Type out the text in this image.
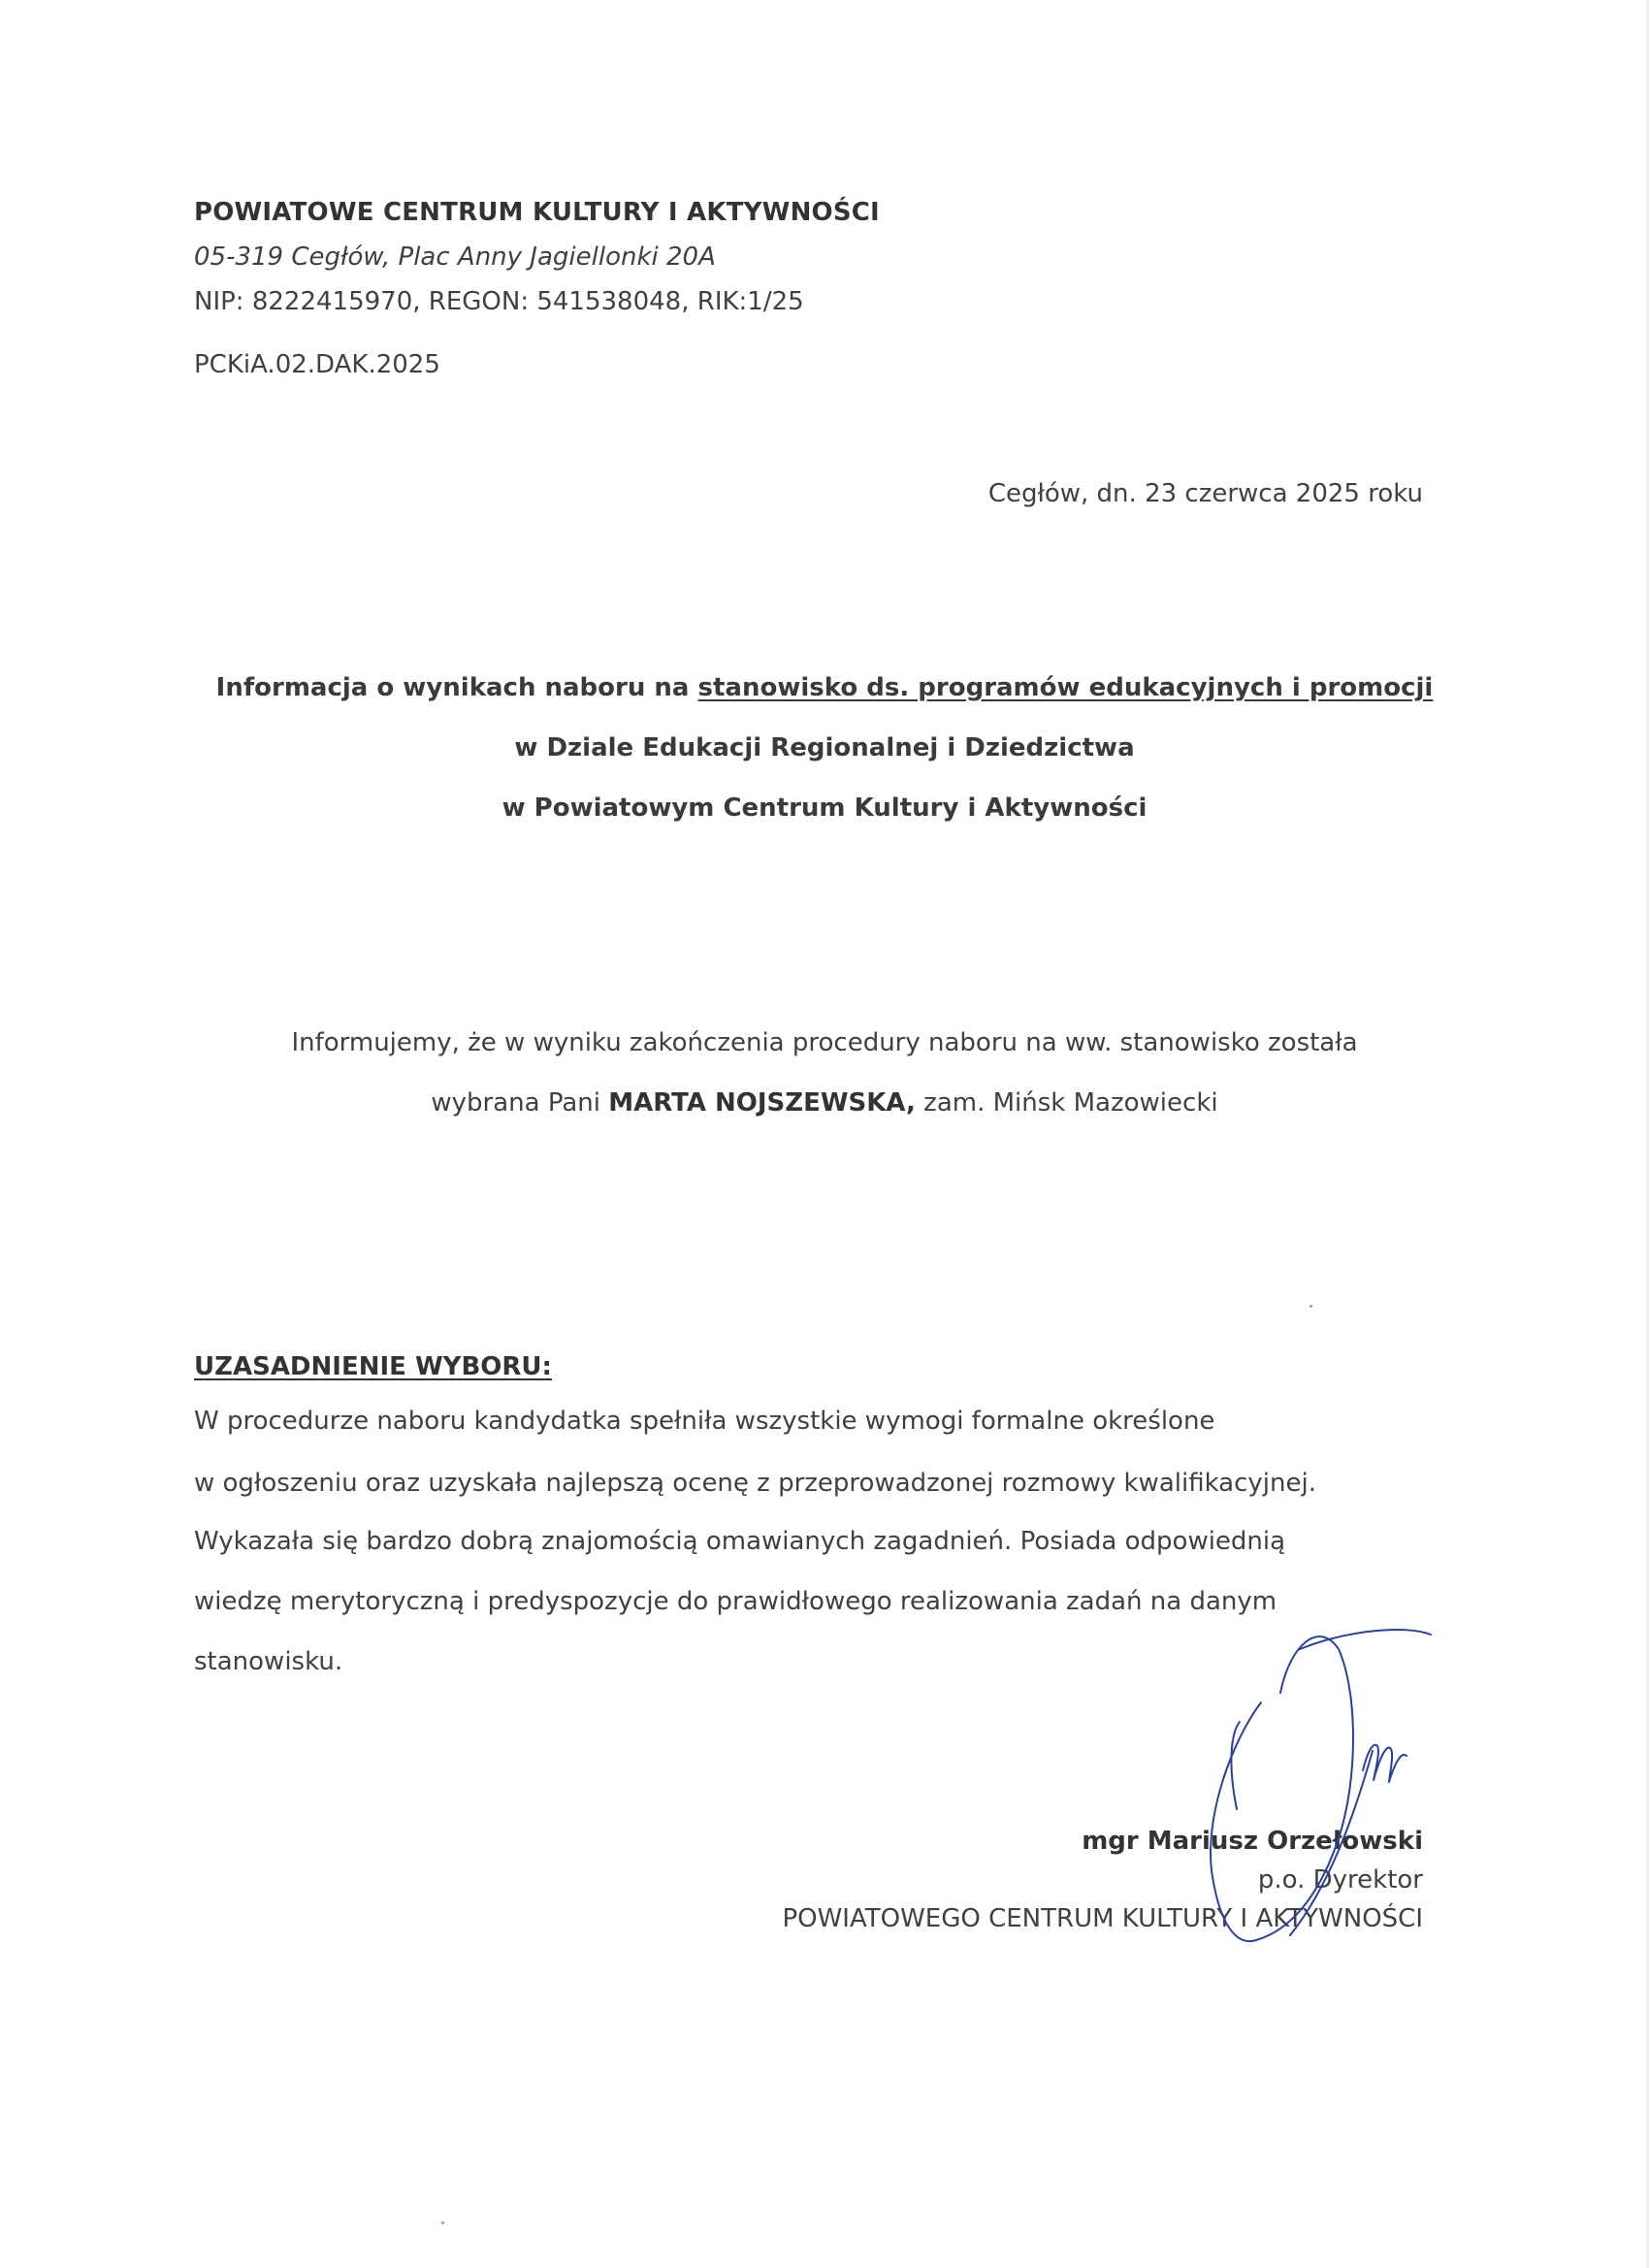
POWIATOWE CENTRUM KULTURY I AKTYWNOŚCI
05-319 Cegłów, Plac Anny Jagiellonki 20A
NIP: 8222415970, REGON: 541538048, RIK:1/25
PCKiA.02.DAK.2025
Cegłów, dn. 23 czerwca 2025 roku
Informacja o wynikach naboru na stanowisko ds. programów edukacyjnych i promocji
w Dziale Edukacji Regionalnej i Dziedzictwa
w Powiatowym Centrum Kultury i Aktywności
Informujemy, że w wyniku zakończenia procedury naboru na ww. stanowisko została
wybrana Pani MARTA NOJSZEWSKA, zam. Mińsk Mazowiecki
UZASADNIENIE WYBORU:
W procedurze naboru kandydatka spełniła wszystkie wymogi formalne określone
w ogłoszeniu oraz uzyskała najlepszą ocenę z przeprowadzonej rozmowy kwalifikacyjnej.
Wykazała się bardzo dobrą znajomością omawianych zagadnień. Posiada odpowiednią
wiedzę merytoryczną i predyspozycje do prawidłowego realizowania zadań na danym
stanowisku.
mgr Mariusz Orzełowski
p.o. Dyrektor
POWIATOWEGO CENTRUM KULTURY I AKTYWNOŚCI
